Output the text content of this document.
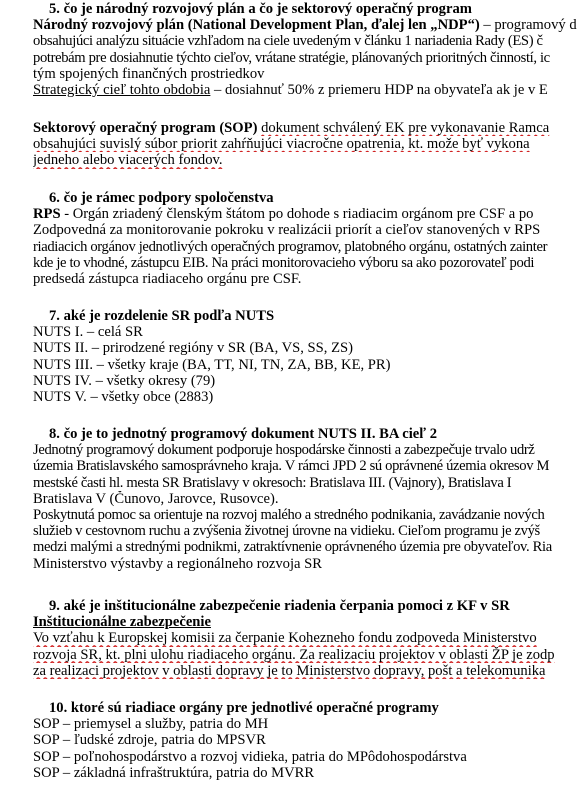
5. čo je národný rozvojový plán a čo je sektorový operačný program
Národný rozvojový plán (National Development Plan, ďalej len „NDP“) – programový d
obsahujúci analýzu situácie vzhľadom na ciele uvedeným v článku 1 nariadenia Rady (ES) č
potrebám pre dosiahnutie týchto cieľov, vrátane stratégie, plánovaných prioritných činností, ic
tým spojených finančných prostriedkov
Strategický cieľ tohto obdobia – dosiahnuť 50% z priemeru HDP na obyvateľa ak je v E
Sektorový operačný program (SOP) dokument schválený EK pre vykonavanie Ramca
obsahujúci suvislý súbor priorit zahŕňujúci viacročne opatrenia, kt. može byť vykona
jedneho alebo viacerých fondov.
6. čo je rámec podpory spoločenstva
RPS - Orgán zriadený členským štátom po dohode s riadiacim orgánom pre CSF a po
Zodpovedná za monitorovanie pokroku v realizácii priorít a cieľov stanovených v RPS
riadiacich orgánov jednotlivých operačných programov, platobného orgánu, ostatných zainter
kde je to vhodné, zástupcu EIB. Na práci monitorovacieho výboru sa ako pozorovateľ podi
predsedá zástupca riadiaceho orgánu pre CSF.
7. aké je rozdelenie SR podľa NUTS
NUTS I. – celá SR
NUTS II. – prirodzené regióny v SR (BA, VS, SS, ZS)
NUTS III. – všetky kraje (BA, TT, NI, TN, ZA, BB, KE, PR)
NUTS IV. – všetky okresy (79)
NUTS V. – všetky obce (2883)
8. čo je to jednotný programový dokument NUTS II. BA cieľ 2
Jednotný programový dokument podporuje hospodárske činnosti a zabezpečuje trvalo udrž
územia Bratislavského samosprávneho kraja. V rámci JPD 2 sú oprávnené územia okresov M
mestské časti hl. mesta SR Bratislavy v okresoch: Bratislava III. (Vajnory), Bratislava I
Bratislava V (Čunovo, Jarovce, Rusovce).
Poskytnutá pomoc sa orientuje na rozvoj malého a stredného podnikania, zavádzanie nových
služieb v cestovnom ruchu a zvýšenia životnej úrovne na vidieku. Cieľom programu je zvýš
medzi malými a strednými podnikmi, zatraktívnenie oprávneného územia pre obyvateľov. Ria
Ministerstvo výstavby a regionálneho rozvoja SR
9. aké je inštitucionálne zabezpečenie riadenia čerpania pomoci z KF v SR
Inštitucionálne zabezpečenie
Vo vzťahu k Europskej komisii za čerpanie Kohezneho fondu zodpoveda Ministerstvo
rozvoja SR, kt. plni ulohu riadiaceho orgánu. Za realizaciu projektov v oblasti ŽP je zodp
za realizaci projektov v oblasti dopravy je to Ministerstvo dopravy, pošt a telekomunika
10. ktoré sú riadiace orgány pre jednotlivé operačné programy
SOP – priemysel a služby, patria do MH
SOP – ľudské zdroje, patria do MPSVR
SOP – poľnohospodárstvo a rozvoj vidieka, patria do MPôdohospodárstva
SOP – základná infraštruktúra, patria do MVRR
